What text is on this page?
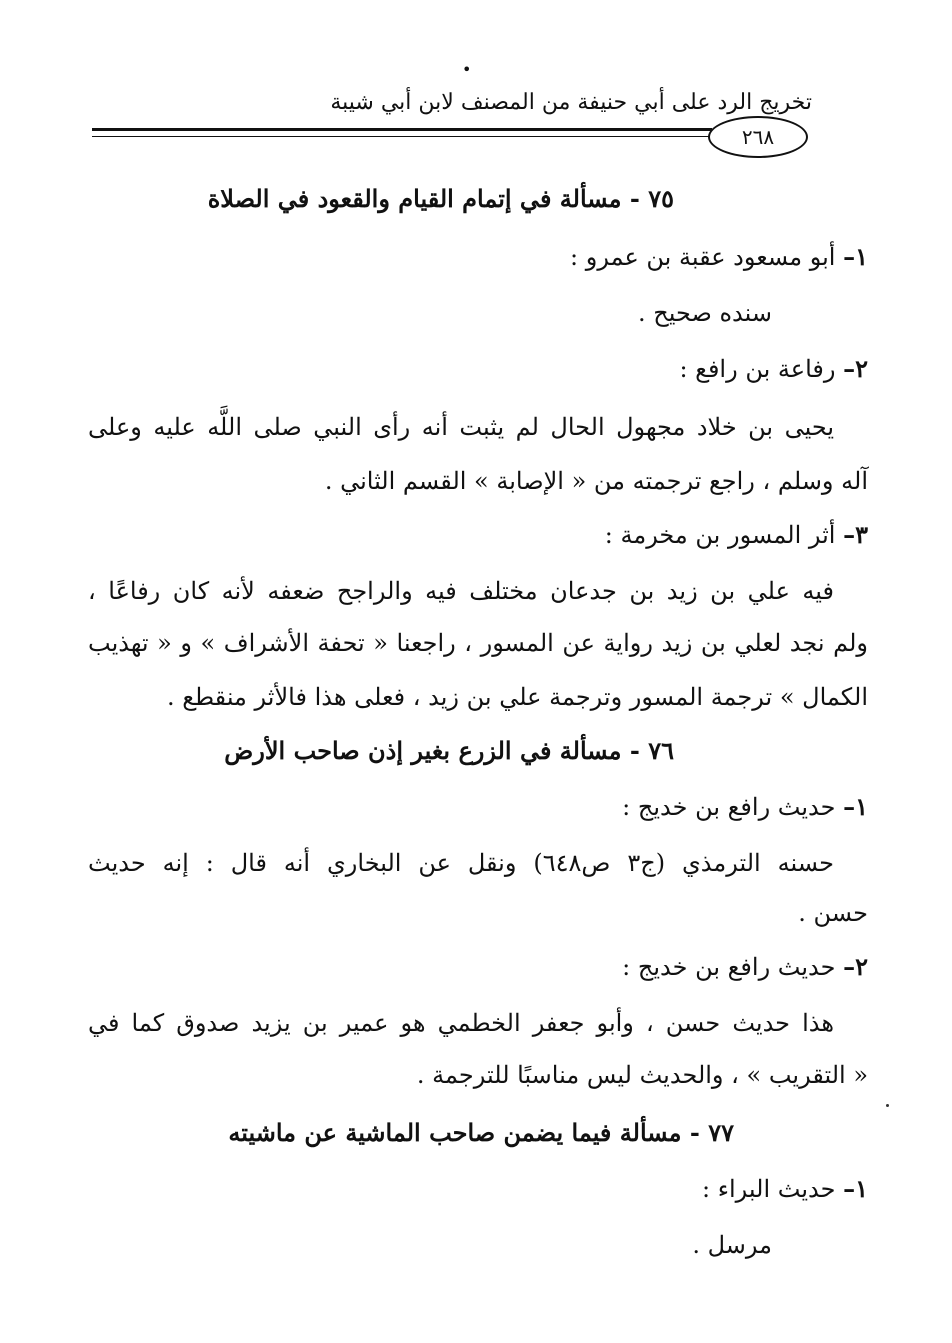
•
تخريج الرد على أبي حنيفة من المصنف لابن أبي شيبة
٢٦٨
٧٥ - مسألة في إتمام القيام والقعود في الصلاة
١– أبو مسعود عقبة بن عمرو :
سنده صحيح .
٢– رفاعة بن رافع :
يحيى بن خلاد مجهول الحال لم يثبت أنه رأى النبي صلى اللَّه عليه وعلى
آله وسلم ، راجع ترجمته من « الإصابة » القسم الثاني .
٣– أثر المسور بن مخرمة :
فيه علي بن زيد بن جدعان مختلف فيه والراجح ضعفه لأنه كان رفاعًا ،
ولم نجد لعلي بن زيد رواية عن المسور ، راجعنا « تحفة الأشراف » و « تهذيب
الكمال » ترجمة المسور وترجمة علي بن زيد ، فعلى هذا فالأثر منقطع .
٧٦ - مسألة في الزرع بغير إذن صاحب الأرض
١– حديث رافع بن خديج :
حسنه الترمذي (ج٣ ص٦٤٨) ونقل عن البخاري أنه قال : إنه حديث
حسن .
٢– حديث رافع بن خديج :
هذا حديث حسن ، وأبو جعفر الخطمي هو عمير بن يزيد صدوق كما في
« التقريب » ، والحديث ليس مناسبًا للترجمة .
٧٧ - مسألة فيما يضمن صاحب الماشية عن ماشيته
١– حديث البراء :
مرسل .
